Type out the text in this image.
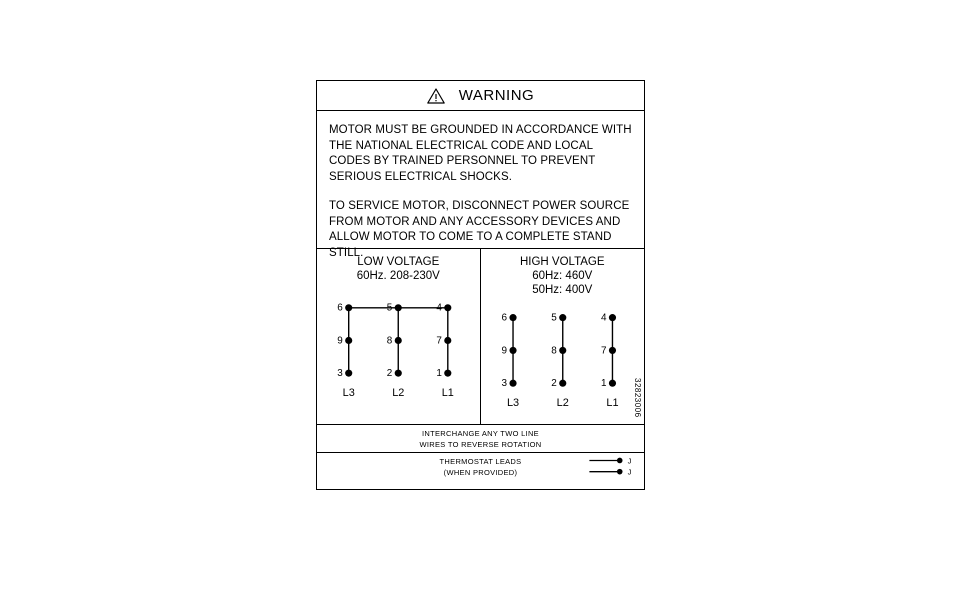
WARNING

MOTOR MUST BE GROUNDED IN ACCORDANCE WITH THE NATIONAL ELECTRICAL CODE AND LOCAL CODES BY TRAINED PERSONNEL TO PREVENT SERIOUS ELECTRICAL SHOCKS.

TO SERVICE MOTOR, DISCONNECT POWER SOURCE FROM MOTOR AND ANY ACCESSORY DEVICES AND ALLOW MOTOR TO COME TO A COMPLETE STAND STILL.

LOW VOLTAGE
60Hz. 208-230V
6	5	4
9	8	7
3	2	1
L3	L2	L1
HIGH VOLTAGE
60Hz: 460V
50Hz: 400V
6	5	4
9	8	7
3	2	1
L3	L2	L1 32823006
INTERCHANGE ANY TWO LINE
WIRES TO REVERSE ROTATION
THERMOSTAT LEADS
(WHEN PROVIDED)
J
J
